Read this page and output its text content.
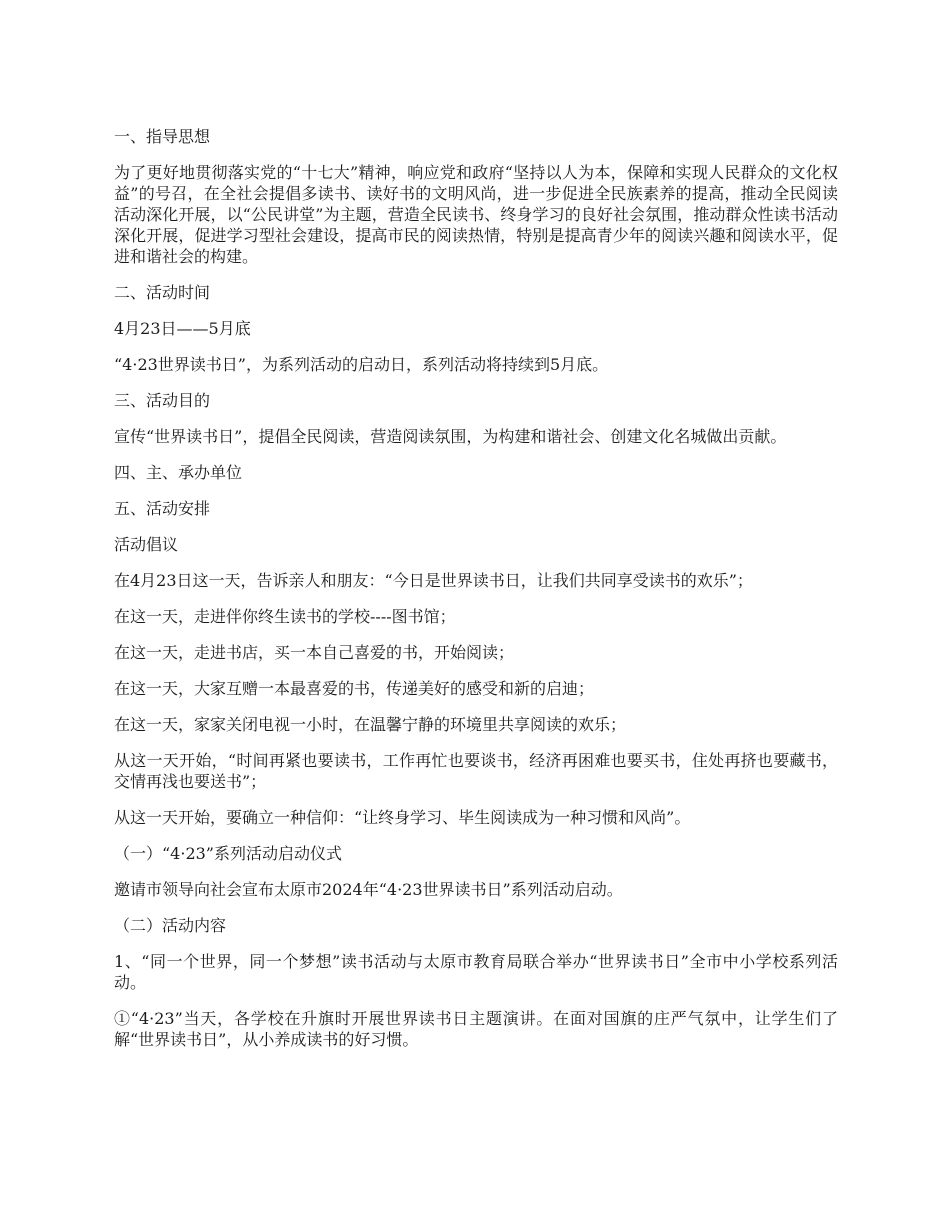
一、指导思想

为了更好地贯彻落实党的“十七大”精神，响应党和政府“坚持以人为本，保障和实现人民群众的文化权益”的号召，在全社会提倡多读书、读好书的文明风尚，进一步促进全民族素养的提高，推动全民阅读活动深化开展，以“公民讲堂”为主题，营造全民读书、终身学习的良好社会氛围，推动群众性读书活动深化开展，促进学习型社会建设，提高市民的阅读热情，特别是提高青少年的阅读兴趣和阅读水平，促进和谐社会的构建。

二、活动时间

4月23日——5月底

“4·23世界读书日”，为系列活动的启动日，系列活动将持续到5月底。

三、活动目的

宣传“世界读书日”，提倡全民阅读，营造阅读氛围，为构建和谐社会、创建文化名城做出贡献。

四、主、承办单位

五、活动安排

活动倡议

在4月23日这一天，告诉亲人和朋友：“今日是世界读书日，让我们共同享受读书的欢乐”；

在这一天，走进伴你终生读书的学校----图书馆；

在这一天，走进书店，买一本自己喜爱的书，开始阅读；

在这一天，大家互赠一本最喜爱的书，传递美好的感受和新的启迪；

在这一天，家家关闭电视一小时，在温馨宁静的环境里共享阅读的欢乐；

从这一天开始，“时间再紧也要读书，工作再忙也要谈书，经济再困难也要买书，住处再挤也要藏书，交情再浅也要送书”；

从这一天开始，要确立一种信仰：“让终身学习、毕生阅读成为一种习惯和风尚”。

（一）“4·23”系列活动启动仪式

邀请市领导向社会宣布太原市2024年“4·23世界读书日”系列活动启动。

（二）活动内容

1、“同一个世界，同一个梦想”读书活动与太原市教育局联合举办“世界读书日”全市中小学校系列活动。

①“4·23”当天，各学校在升旗时开展世界读书日主题演讲。在面对国旗的庄严气氛中，让学生们了解“世界读书日”，从小养成读书的好习惯。
